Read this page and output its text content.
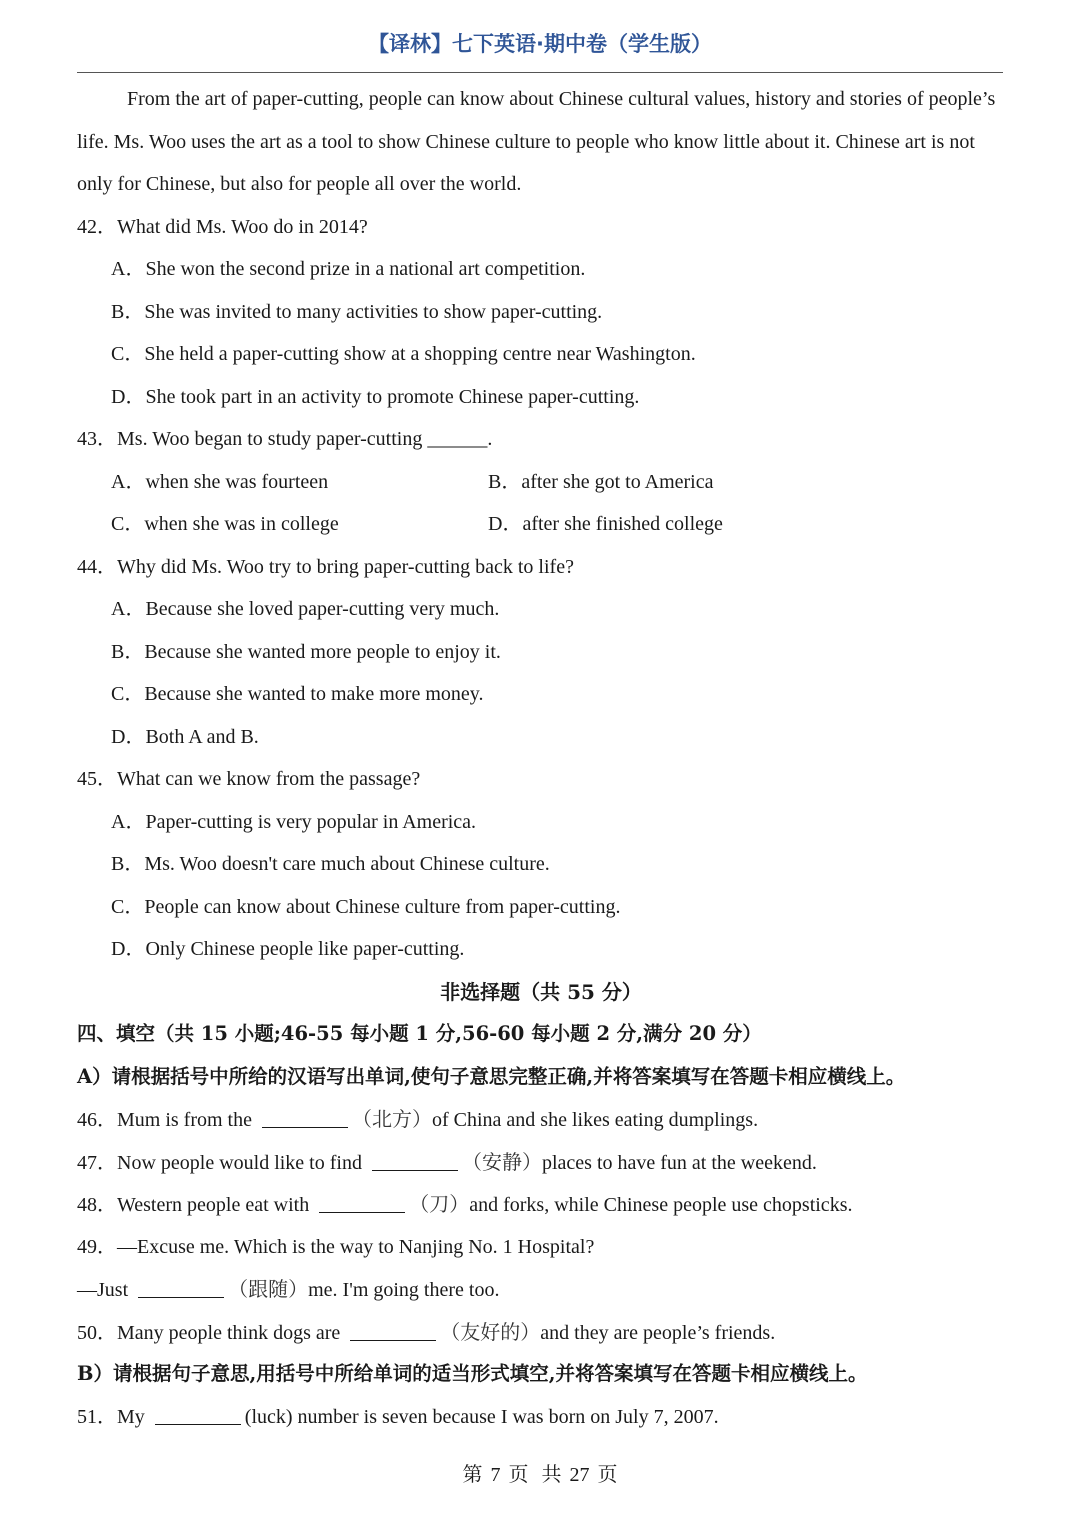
【译林】七下英语·期中卷（学生版）

From the art of paper-cutting, people can know about Chinese cultural values, history and stories of people’s life. Ms. Woo uses the art as a tool to show Chinese culture to people who know little about it. Chinese art is not only for Chinese, but also for people all over the world.

42．What did Ms. Woo do in 2014?
A．She won the second prize in a national art competition.
B．She was invited to many activities to show paper-cutting.
C．She held a paper-cutting show at a shopping centre near Washington.
D．She took part in an activity to promote Chinese paper-cutting.
43．Ms. Woo began to study paper-cutting ______.
A．when she was fourteen	B．after she got to America
C．when she was in college	D．after she finished college
44．Why did Ms. Woo try to bring paper-cutting back to life?
A．Because she loved paper-cutting very much.
B．Because she wanted more people to enjoy it.
C．Because she wanted to make more money.
D．Both A and B.
45．What can we know from the passage?
A．Paper-cutting is very popular in America.
B．Ms. Woo doesn't care much about Chinese culture.
C．People can know about Chinese culture from paper-cutting.
D．Only Chinese people like paper-cutting.
非选择题（共 55 分）
四、填空（共 15 小题;46-55 每小题 1 分,56-60 每小题 2 分,满分 20 分）
A）请根据括号中所给的汉语写出单词,使句子意思完整正确,并将答案填写在答题卡相应横线上。
46．Mum is from the	（北方）of China and she likes eating dumplings.
47．Now people would like to find	（安静）places to have fun at the weekend.
48．Western people eat with	（刀）and forks, while Chinese people use chopsticks.
49．—Excuse me. Which is the way to Nanjing No. 1 Hospital?
—Just	（跟随）me. I'm going there too.
50．Many people think dogs are	（友好的）and they are people’s friends.
B）请根据句子意思,用括号中所给单词的适当形式填空,并将答案填写在答题卡相应横线上。
51．My	(luck) number is seven because I was born on July 7, 2007.
第 7 页 共 27 页
